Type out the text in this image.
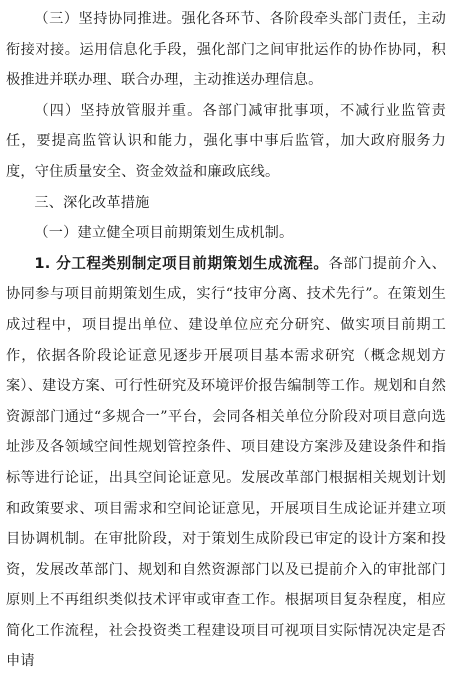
（三）坚持协同推进。强化各环节、各阶段牵头部门责任，主动衔接对接。运用信息化手段，强化部门之间审批运作的协作协同，积极推进并联办理、联合办理，主动推送办理信息。

（四）坚持放管服并重。各部门减审批事项，不减行业监管责任，要提高监管认识和能力，强化事中事后监管，加大政府服务力度，守住质量安全、资金效益和廉政底线。

三、深化改革措施

（一）建立健全项目前期策划生成机制。

1. 分工程类别制定项目前期策划生成流程。各部门提前介入、协同参与项目前期策划生成，实行“技审分离、技术先行”。在策划生成过程中，项目提出单位、建设单位应充分研究、做实项目前期工作，依据各阶段论证意见逐步开展项目基本需求研究（概念规划方案）、建设方案、可行性研究及环境评价报告编制等工作。规划和自然资源部门通过“多规合一”平台，会同各相关单位分阶段对项目意向选址涉及各领域空间性规划管控条件、项目建设方案涉及建设条件和指标等进行论证，出具空间论证意见。发展改革部门根据相关规划计划和政策要求、项目需求和空间论证意见，开展项目生成论证并建立项目协调机制。在审批阶段，对于策划生成阶段已审定的设计方案和投资，发展改革部门、规划和自然资源部门以及已提前介入的审批部门原则上不再组织类似技术评审或审查工作。根据项目复杂程度，相应简化工作流程，社会投资类工程建设项目可视项目实际情况决定是否申请
